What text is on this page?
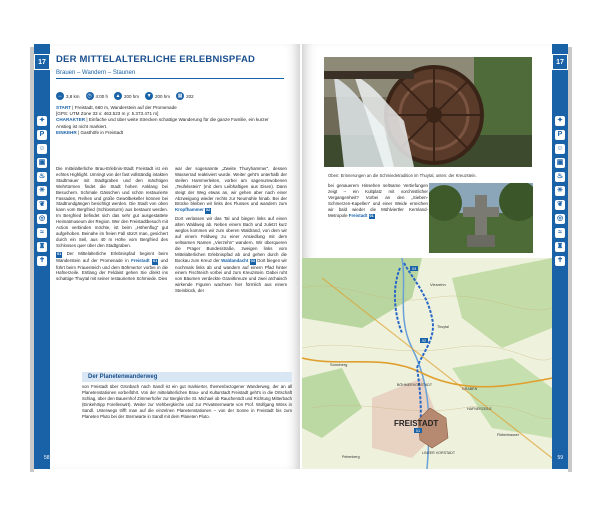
17
✦
P
☺
▣
♨
☀
❦
◎
≈
♜
✝
DER MITTELALTERLICHE ERLEBNISPFAD
Brauen – Wandern – Staunen
↔ 3,8 km	◷ 4:00 h	▲ 200 hm	▼ 200 hm	▦ 202

START | Freistadt, 660 m, Wanderstein auf der Promenade

[GPS: UTM Zone 33 x: 463.523 m y: 5.373.471 m]

CHARAKTER | Einfache und über weite Strecken schattige Wanderung für die ganze Familie, ein kurzer Anstieg ist nicht markiert.

EINKEHR | Gasthöfe in Freistadt

Die mittelalterliche Brau-Erlebnis-Stadt Freistadt ist ein echtes Highlight. Umringt von der fast vollständig intakten Stadtmauer mit Stadtgraben und den mächtigen Wehrtürmen findet die Stadt hohen Anklang bei Besuchern. Schmale Gässchen und schön restaurierte Fassaden, Reihen und große Gewölbekeller können bei Stadtrundgängen besichtigt werden. Die Stadt von oben kann vom Bergfried (Schlossturm) aus bestaunt werden. Im Bergfried befindet sich das sehr gut ausgestattete Heimatmuseum der Region. Wer den Freistadtbesuch mit Action verbinden möchte, ist beim „Höhenflug“ gut aufgehoben. Beinahe im freien Fall stürzt man, gesichert durch ein Seil, aus 40 m Höhe vom Bergfried des Schlosses quer über den Stadtgraben.

01 Der Mittelalterliche Erlebnispfad beginnt beim Wanderstein auf der Promenade in Freistadt 01 und führt beim Frauenteich und dem Böhmertor vorbei in die Hafnerzeile. Entlang der Feldaist gehen Sie direkt ins schattige Thuytal mit seiner restaurierten Schmiede. Dies

war der sogenannte „Zweite Thuryhammer“, dessen Wasserrad reaktiviert wurde. Weiter geht's unterhalb der steilen Hammerleiten, vorbei am sagenumwobenen „Teufelsstein“ (mit dem Leibhaftigen aus Eisen). Dann steigt der Weg etwas an, wir gehen aber nach einer Abzweigung wieder rechts zur Neumühle hinab. Bei der Brücke bleiben wir links des Flusses und wandern zum Kropfhammer 02

Dort verlassen wir das Tal und biegen links auf einen alten Waldweg ab. Neben einem Bach und zuletzt kurz weglos kommen wir zum oberen Waldrand, von dem wir auf einem Feldweg zu einer Ansiedlung mit dem seltsamen Namen „Vierzehn“ wandern. Wir überqueren die Prager Bundesstraße, zweigen links vom Mittelalterlichen Erlebnispfad ab und gehen durch die Bockau zum Kreuz der Waldandacht 03 Dort biegen wir nochmals links ab und wandern auf einem Pfad hinter einem Fischteich vorbei und zum Kreuzstein. Dabei ruht von Bäumen verdeckte Granitkreuze und zwei archaisch wirkende Figuren wachsen hier förmlich aus einem Steinblock, der

Der Planetenwanderweg
von Freistadt über Grünbach nach Sandl ist ein gut markierter, themenbezogener Wanderweg, der an all Planetenstationen vorbeiführt. Von der mittelalterlichen Brau- und Kulturstadt Freistadt geht's in die Ortschaft Schlag, über den Bauernhof Zimmerhofer zur Bergkirche St. Michael ob Rauchenödt und Richtung Mitterbach (Einkehrtipp Forellenwirt). Weiter zur Viehbergkirche und zur Privatsternwarte von Prof. Wolfgang Wöss in Sandl. Unterwegs trifft man auf die einzelnen Planetenstationen – von der Sonne in Freistadt bis zum Planeten Pluto bei der Sternwarte in Sandl mit dem Planeten Pluto.
58
17
✦
P
☺
▣
♨
☀
❦
◎
≈
♜
✝
Oben: Erinnerungen an die Schmiedetradition im Thuytal, unten: der Kreuzstein.
bei genauerem Hinsehen seltsame Vertiefungen zeigt – ein Kultplatz mit vorchristlicher Vergangenheit? Vorbei an den „Sieben-Schmerzen-Kapellen“ und einer Weide erreichen wir bald wieder die Mühlviertler Kernland-Metropole Freistadt 01
03
02
01
Vierzehn
Sonnberg
BÖHMERVORSTADT
GRABEN
HAFNERZEILE
FREISTADT
LINZER VORSTADT
Flöbenhauser
Pebenberg
Thuytal
59
